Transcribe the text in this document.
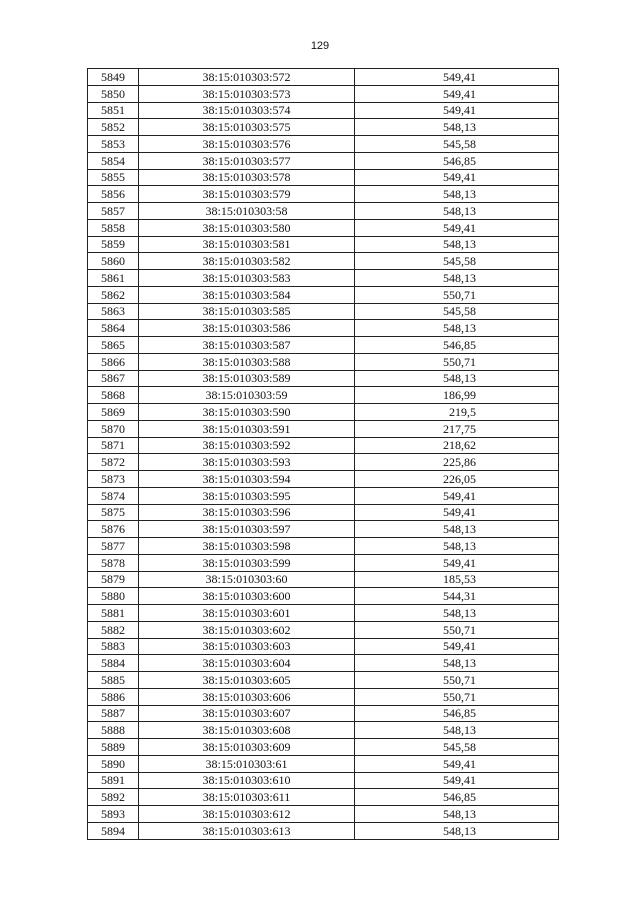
129
5849	38:15:010303:572	549,41
5850	38:15:010303:573	549,41
5851	38:15:010303:574	549,41
5852	38:15:010303:575	548,13
5853	38:15:010303:576	545,58
5854	38:15:010303:577	546,85
5855	38:15:010303:578	549,41
5856	38:15:010303:579	548,13
5857	38:15:010303:58	548,13
5858	38:15:010303:580	549,41
5859	38:15:010303:581	548,13
5860	38:15:010303:582	545,58
5861	38:15:010303:583	548,13
5862	38:15:010303:584	550,71
5863	38:15:010303:585	545,58
5864	38:15:010303:586	548,13
5865	38:15:010303:587	546,85
5866	38:15:010303:588	550,71
5867	38:15:010303:589	548,13
5868	38:15:010303:59	186,99
5869	38:15:010303:590	219,5
5870	38:15:010303:591	217,75
5871	38:15:010303:592	218,62
5872	38:15:010303:593	225,86
5873	38:15:010303:594	226,05
5874	38:15:010303:595	549,41
5875	38:15:010303:596	549,41
5876	38:15:010303:597	548,13
5877	38:15:010303:598	548,13
5878	38:15:010303:599	549,41
5879	38:15:010303:60	185,53
5880	38:15:010303:600	544,31
5881	38:15:010303:601	548,13
5882	38:15:010303:602	550,71
5883	38:15:010303:603	549,41
5884	38:15:010303:604	548,13
5885	38:15:010303:605	550,71
5886	38:15:010303:606	550,71
5887	38:15:010303:607	546,85
5888	38:15:010303:608	548,13
5889	38:15:010303:609	545,58
5890	38:15:010303:61	549,41
5891	38:15:010303:610	549,41
5892	38:15:010303:611	546,85
5893	38:15:010303:612	548,13
5894	38:15:010303:613	548,13
